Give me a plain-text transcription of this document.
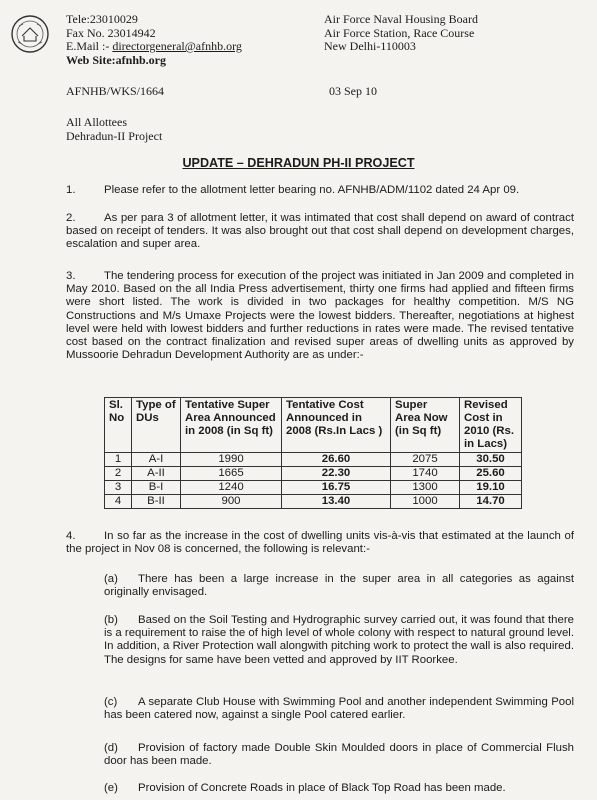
Tele:23010029
Fax No. 23014942
E.Mail :- directorgeneral@afnhb.org
Web Site:afnhb.org
Air Force Naval Housing Board
Air Force Station, Race Course
New Delhi-110003
AFNHB/WKS/1664	03 Sep 10
All Allottees
Dehradun-II Project
UPDATE – DEHRADUN PH-II PROJECT
1.	Please refer to the allotment letter bearing no. AFNHB/ADM/1102 dated 24 Apr 09.
2.	As per para 3 of allotment letter, it was intimated that cost shall depend on award of contract based on receipt of tenders. It was also brought out that cost shall depend on development charges, escalation and super area.
3.	The tendering process for execution of the project was initiated in Jan 2009 and completed in May 2010. Based on the all India Press advertisement, thirty one firms had applied and fifteen firms were short listed. The work is divided in two packages for healthy competition. M/S NG Constructions and M/s Umaxe Projects were the lowest bidders. Thereafter, negotiations at highest level were held with lowest bidders and further reductions in rates were made. The revised tentative cost based on the contract finalization and revised super areas of dwelling units as approved by Mussoorie Dehradun Development Authority are as under:-
Sl. No	Type of DUs	Tentative Super Area Announced in 2008 (in Sq ft)	Tentative Cost Announced in 2008 (Rs.In Lacs )	Super Area Now (in Sq ft)	Revised Cost in 2010 (Rs. in Lacs)
1	A-I	1990	26.60	2075	30.50
2	A-II	1665	22.30	1740	25.60
3	B-I	1240	16.75	1300	19.10
4	B-II	900	13.40	1000	14.70
4.	In so far as the increase in the cost of dwelling units vis-à-vis that estimated at the launch of the project in Nov 08 is concerned, the following is relevant:-
(a) There has been a large increase in the super area in all categories as against originally envisaged.
(b) Based on the Soil Testing and Hydrographic survey carried out, it was found that there is a requirement to raise the of high level of whole colony with respect to natural ground level. In addition, a River Protection wall alongwith pitching work to protect the wall is also required. The designs for same have been vetted and approved by IIT Roorkee.
(c) A separate Club House with Swimming Pool and another independent Swimming Pool has been catered now, against a single Pool catered earlier.
(d) Provision of factory made Double Skin Moulded doors in place of Commercial Flush door has been made.
(e) Provision of Concrete Roads in place of Black Top Road has been made.
